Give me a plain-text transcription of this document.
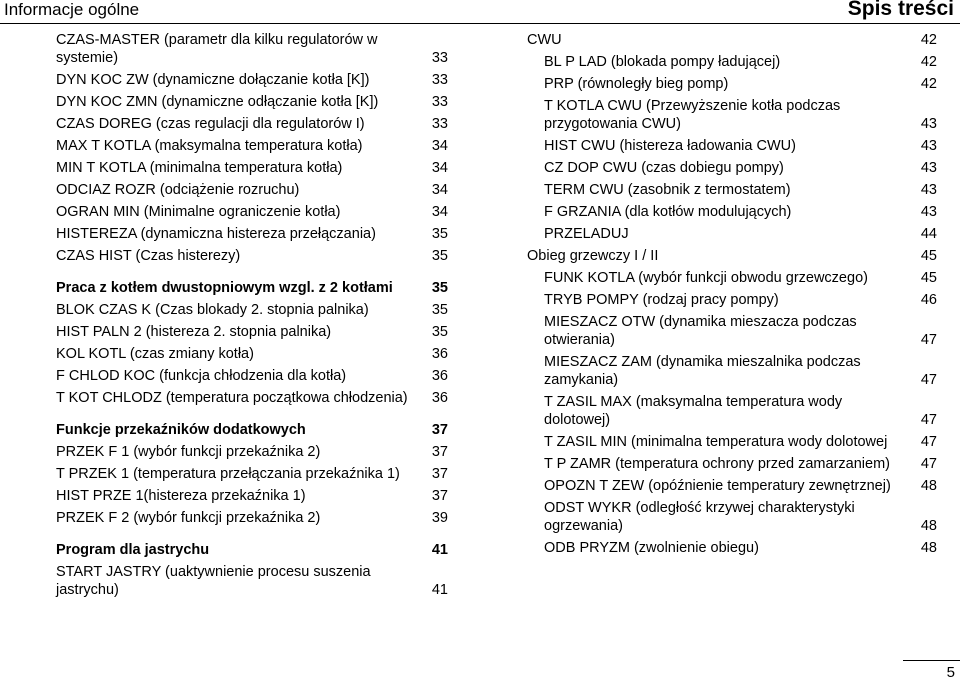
Informacje ogólne	Spis treści
CZAS-MASTER (parametr dla kilku regulatorów w systemie)	33
DYN KOC ZW (dynamiczne dołączanie kotła [K])	33
DYN KOC ZMN (dynamiczne odłączanie kotła [K])	33
CZAS DOREG (czas regulacji dla regulatorów I)	33
MAX T KOTLA (maksymalna temperatura kotła)	34
MIN T KOTLA (minimalna temperatura kotła)	34
ODCIAZ ROZR (odciążenie rozruchu)	34
OGRAN MIN (Minimalne ograniczenie kotła)	34
HISTEREZA (dynamiczna histereza przełączania)	35
CZAS HIST (Czas histerezy)	35
Praca z kotłem dwustopniowym wzgl. z 2 kotłami	35
BLOK CZAS K (Czas blokady 2. stopnia palnika)	35
HIST PALN 2 (histereza 2. stopnia palnika)	35
KOL KOTL (czas zmiany kotła)	36
F CHLOD KOC (funkcja chłodzenia dla kotła)	36
T KOT CHLODZ (temperatura początkowa chłodzenia) 36
Funkcje przekaźników dodatkowych	37
PRZEK F 1 (wybór funkcji przekaźnika 2)	37
T PRZEK 1 (temperatura przełączania przekaźnika 1) 37
HIST PRZE 1(histereza przekaźnika 1)	37
PRZEK F 2 (wybór funkcji przekaźnika 2)	39
Program dla jastrychu	41
START JASTRY (uaktywnienie procesu suszenia jastrychu)	41
CWU	42
BL P LAD (blokada pompy ładującej)	42
PRP (równoległy bieg pomp)	42
T KOTLA CWU (Przewyższenie kotła podczas przygotowania CWU)	43
HIST CWU (histereza ładowania CWU)	43
CZ DOP CWU (czas dobiegu pompy)	43
TERM CWU (zasobnik z termostatem)	43
F GRZANIA (dla kotłów modulujących)	43
PRZELADUJ	44
Obieg grzewczy I / II	45
FUNK KOTLA (wybór funkcji obwodu grzewczego)	45
TRYB POMPY (rodzaj pracy pompy)	46
MIESZACZ OTW (dynamika mieszacza podczas otwierania)	47
MIESZACZ ZAM (dynamika mieszalnika podczas zamykania)	47
T ZASIL MAX (maksymalna temperatura wody dolotowej)	47
T ZASIL MIN (minimalna temperatura wody dolotowej 47
T P ZAMR (temperatura ochrony przed zamarzaniem) 47
OPOZN T ZEW (opóźnienie temperatury zewnętrznej) 48
ODST WYKR (odległość krzywej charakterystyki ogrzewania)	48
ODB PRYZM (zwolnienie obiegu)	48
5
